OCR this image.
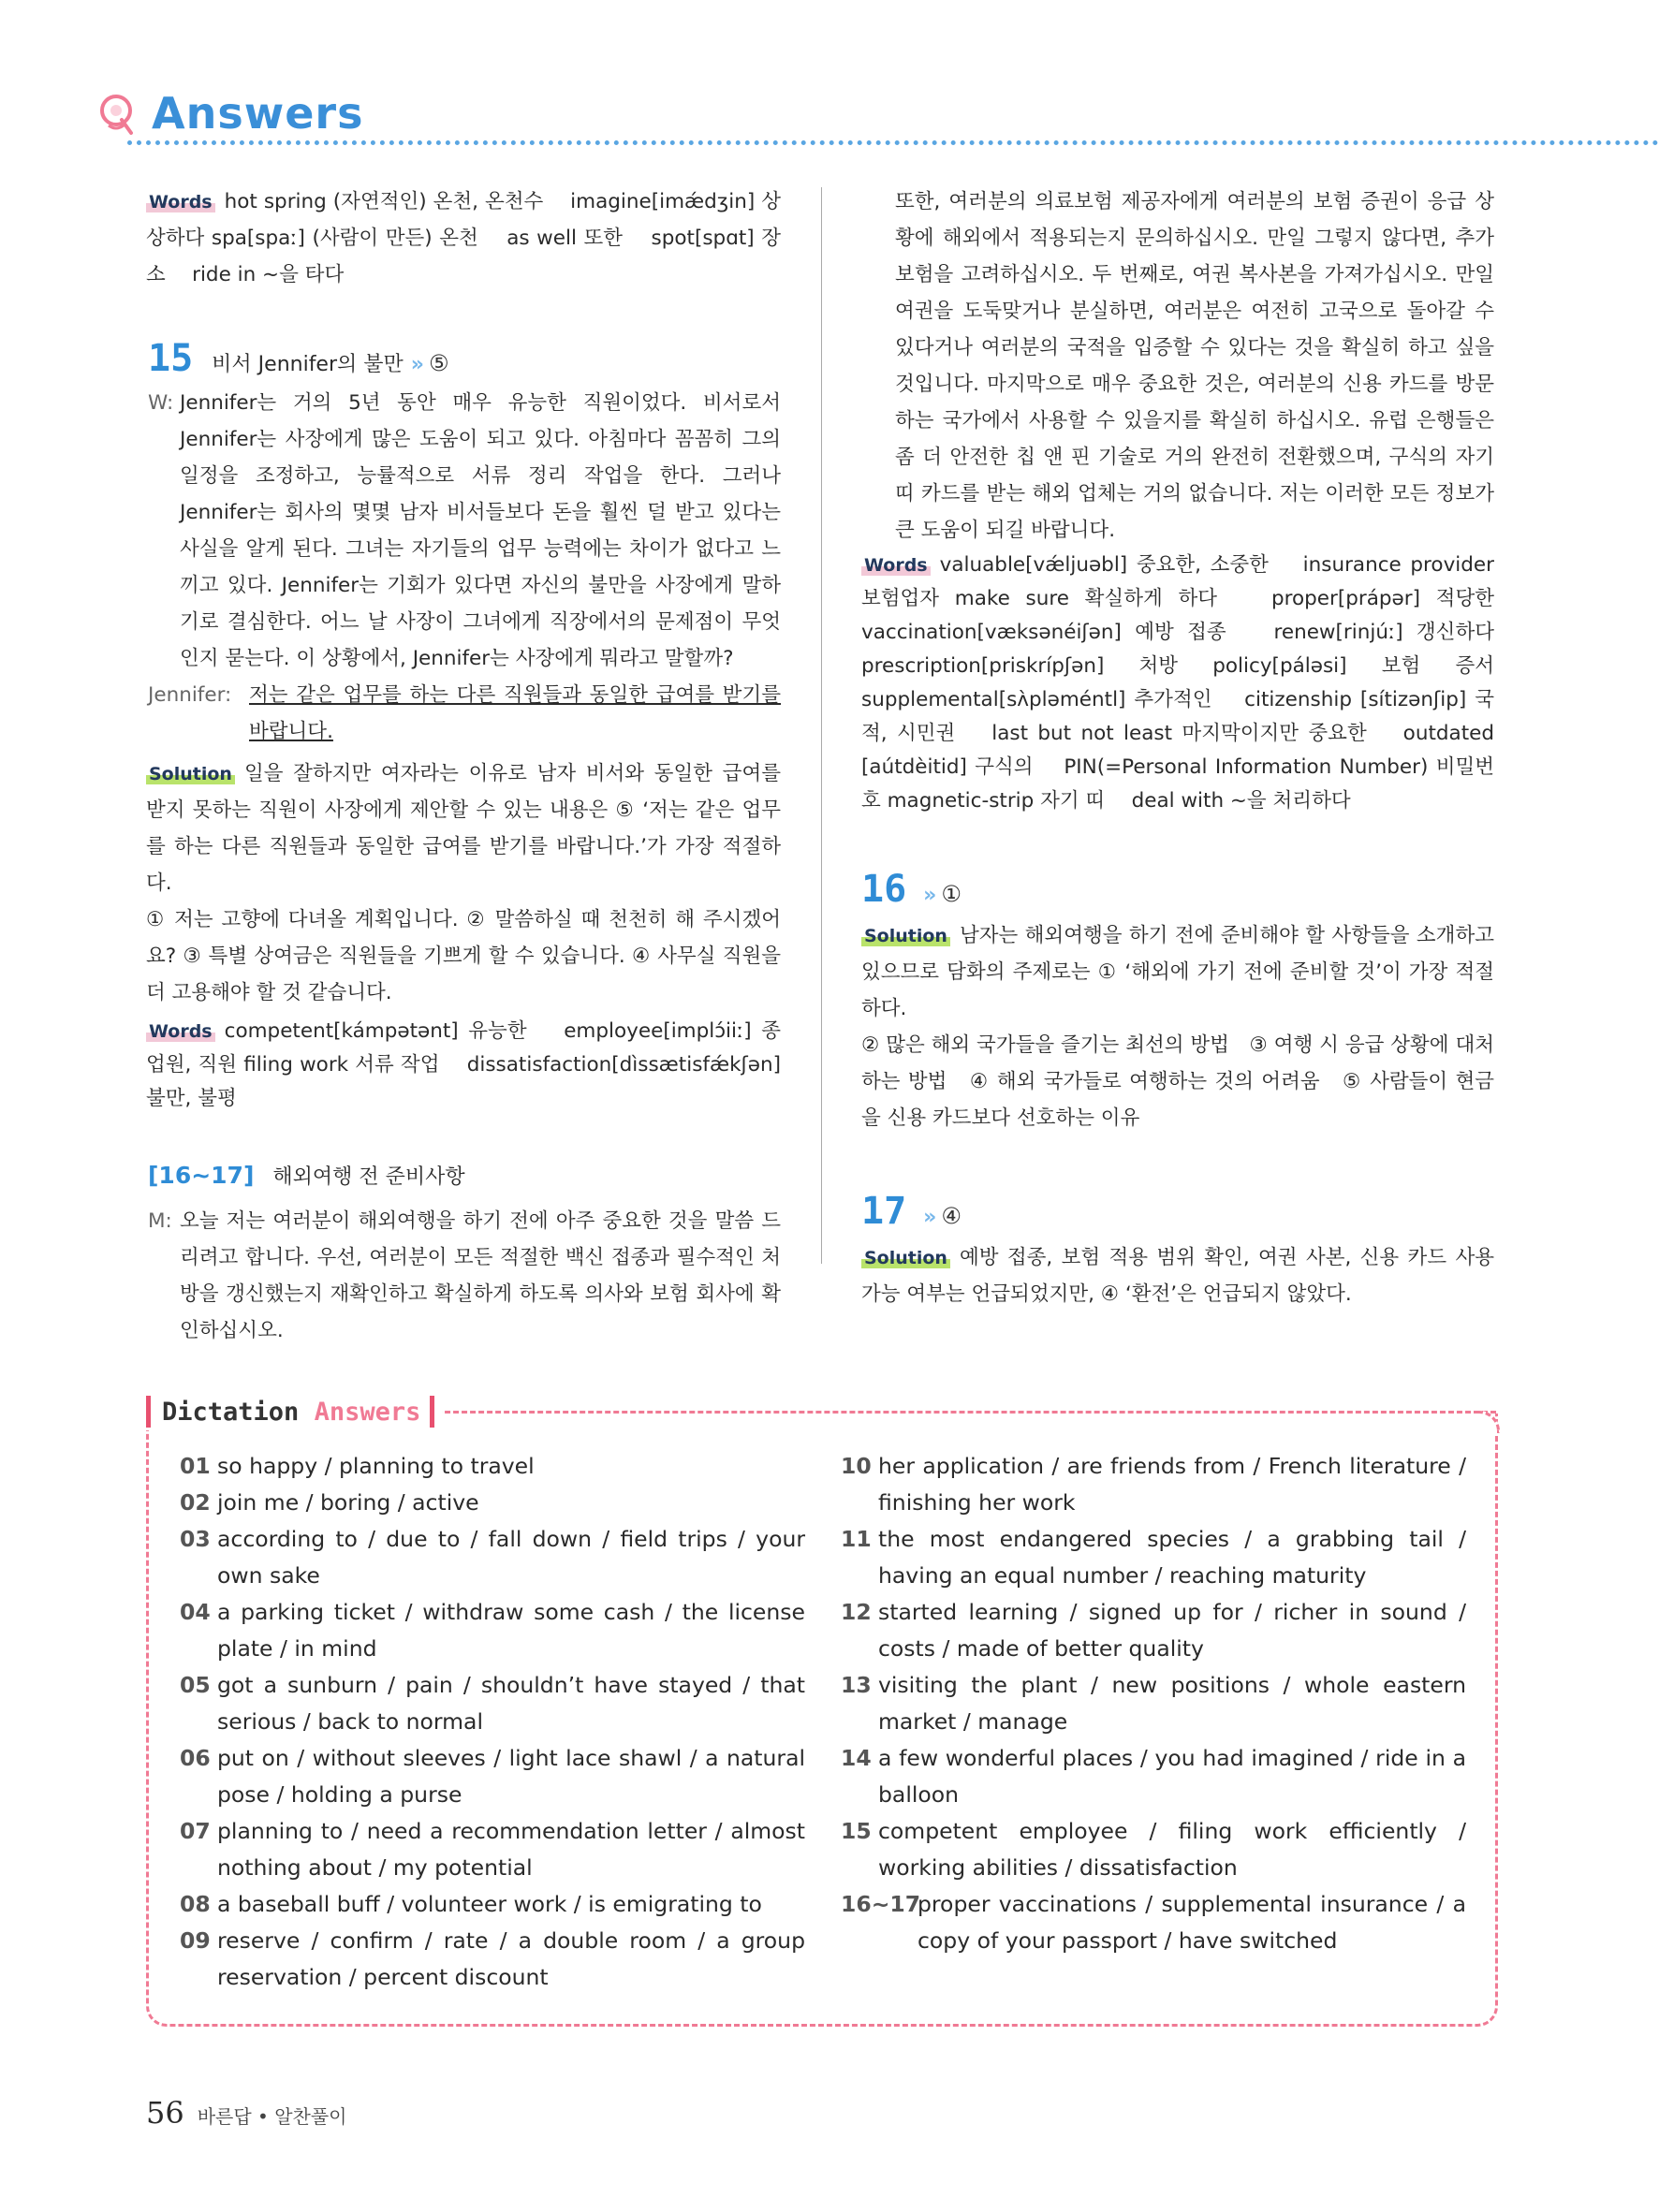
Answers

Words hot spring (자연적인) 온천, 온천수　 imagine[imǽdʒin] 상상하다 spa[spaː] (사람이 만든) 온천　 as well 또한　 spot[spɑt] 장소　 ride in ~을 타다

15 비서 Jennifer의 불만 » ⑤
W: Jennifer는 거의 5년 동안 매우 유능한 직원이었다. 비서로서 Jennifer는 사장에게 많은 도움이 되고 있다. 아침마다 꼼꼼히 그의 일정을 조정하고, 능률적으로 서류 정리 작업을 한다. 그러나 Jennifer는 회사의 몇몇 남자 비서들보다 돈을 훨씬 덜 받고 있다는 사실을 알게 된다. 그녀는 자기들의 업무 능력에는 차이가 없다고 느끼고 있다. Jennifer는 기회가 있다면 자신의 불만을 사장에게 말하기로 결심한다. 어느 날 사장이 그녀에게 직장에서의 문제점이 무엇인지 묻는다. 이 상황에서, Jennifer는 사장에게 뭐라고 말할까?
Jennifer: 저는 같은 업무를 하는 다른 직원들과 동일한 급여를 받기를 바랍니다.

Solution 일을 잘하지만 여자라는 이유로 남자 비서와 동일한 급여를 받지 못하는 직원이 사장에게 제안할 수 있는 내용은 ⑤ ‘저는 같은 업무를 하는 다른 직원들과 동일한 급여를 받기를 바랍니다.’가 가장 적절하다.

① 저는 고향에 다녀올 계획입니다. ② 말씀하실 때 천천히 해 주시겠어요? ③ 특별 상여금은 직원들을 기쁘게 할 수 있습니다. ④ 사무실 직원을 더 고용해야 할 것 같습니다.

Words competent[kámpətənt] 유능한　 employee[implɔ́iiː] 종업원, 직원 filing work 서류 작업　 dissatisfaction[dìssætisfǽkʃən] 불만, 불평

[16~17] 해외여행 전 준비사항
M: 오늘 저는 여러분이 해외여행을 하기 전에 아주 중요한 것을 말씀 드리려고 합니다. 우선, 여러분이 모든 적절한 백신 접종과 필수적인 처방을 갱신했는지 재확인하고 확실하게 하도록 의사와 보험 회사에 확인하십시오.

또한, 여러분의 의료보험 제공자에게 여러분의 보험 증권이 응급 상황에 해외에서 적용되는지 문의하십시오. 만일 그렇지 않다면, 추가 보험을 고려하십시오. 두 번째로, 여권 복사본을 가져가십시오. 만일 여권을 도둑맞거나 분실하면, 여러분은 여전히 고국으로 돌아갈 수 있다거나 여러분의 국적을 입증할 수 있다는 것을 확실히 하고 싶을 것입니다. 마지막으로 매우 중요한 것은, 여러분의 신용 카드를 방문하는 국가에서 사용할 수 있을지를 확실히 하십시오. 유럽 은행들은 좀 더 안전한 칩 앤 핀 기술로 거의 완전히 전환했으며, 구식의 자기 띠 카드를 받는 해외 업체는 거의 없습니다. 저는 이러한 모든 정보가 큰 도움이 되길 바랍니다.

Words valuable[vǽljuəbl] 중요한, 소중한　 insurance provider 보험업자 make sure 확실하게 하다　 proper[prápər] 적당한　 vaccination[væksənéiʃən] 예방 접종　 renew[rinjúː] 갱신하다　 prescription[priskrípʃən] 처방 policy[páləsi] 보험 증서　 supplemental[sʌ̀pləméntl] 추가적인　 citizenship [sítizənʃip] 국적, 시민권　 last but not least 마지막이지만 중요한　 outdated [aútdèitid] 구식의　 PIN(=Personal Information Number) 비밀번호 magnetic-strip 자기 띠　 deal with ~을 처리하다

16 » ①

Solution 남자는 해외여행을 하기 전에 준비해야 할 사항들을 소개하고 있으므로 담화의 주제로는 ① ‘해외에 가기 전에 준비할 것’이 가장 적절하다.

② 많은 해외 국가들을 즐기는 최선의 방법　③ 여행 시 응급 상황에 대처하는 방법　④ 해외 국가들로 여행하는 것의 어려움　⑤ 사람들이 현금을 신용 카드보다 선호하는 이유

17 » ④

Solution 예방 접종, 보험 적용 범위 확인, 여권 사본, 신용 카드 사용 가능 여부는 언급되었지만, ④ ‘환전’은 언급되지 않았다.

Dictation Answers
01 so happy / planning to travel
02 join me / boring / active
03 according to / due to / fall down / field trips / your own sake
04 a parking ticket / withdraw some cash / the license plate / in mind
05 got a sunburn / pain / shouldn’t have stayed / that serious / back to normal
06 put on / without sleeves / light lace shawl / a natural pose / holding a purse
07 planning to / need a recommendation letter / almost nothing about / my potential
08 a baseball buff / volunteer work / is emigrating to
09 reserve / confirm / rate / a double room / a group reservation / percent discount
10 her application / are friends from / French literature / finishing her work
11 the most endangered species / a grabbing tail / having an equal number / reaching maturity
12 started learning / signed up for / richer in sound / costs / made of better quality
13 visiting the plant / new positions / whole eastern market / manage
14 a few wonderful places / you had imagined / ride in a balloon
15 competent employee / filing work efficiently / working abilities / dissatisfaction
16~17
proper vaccinations / supplemental insurance / a copy of your passport / have switched
56 바른답 • 알찬풀이
